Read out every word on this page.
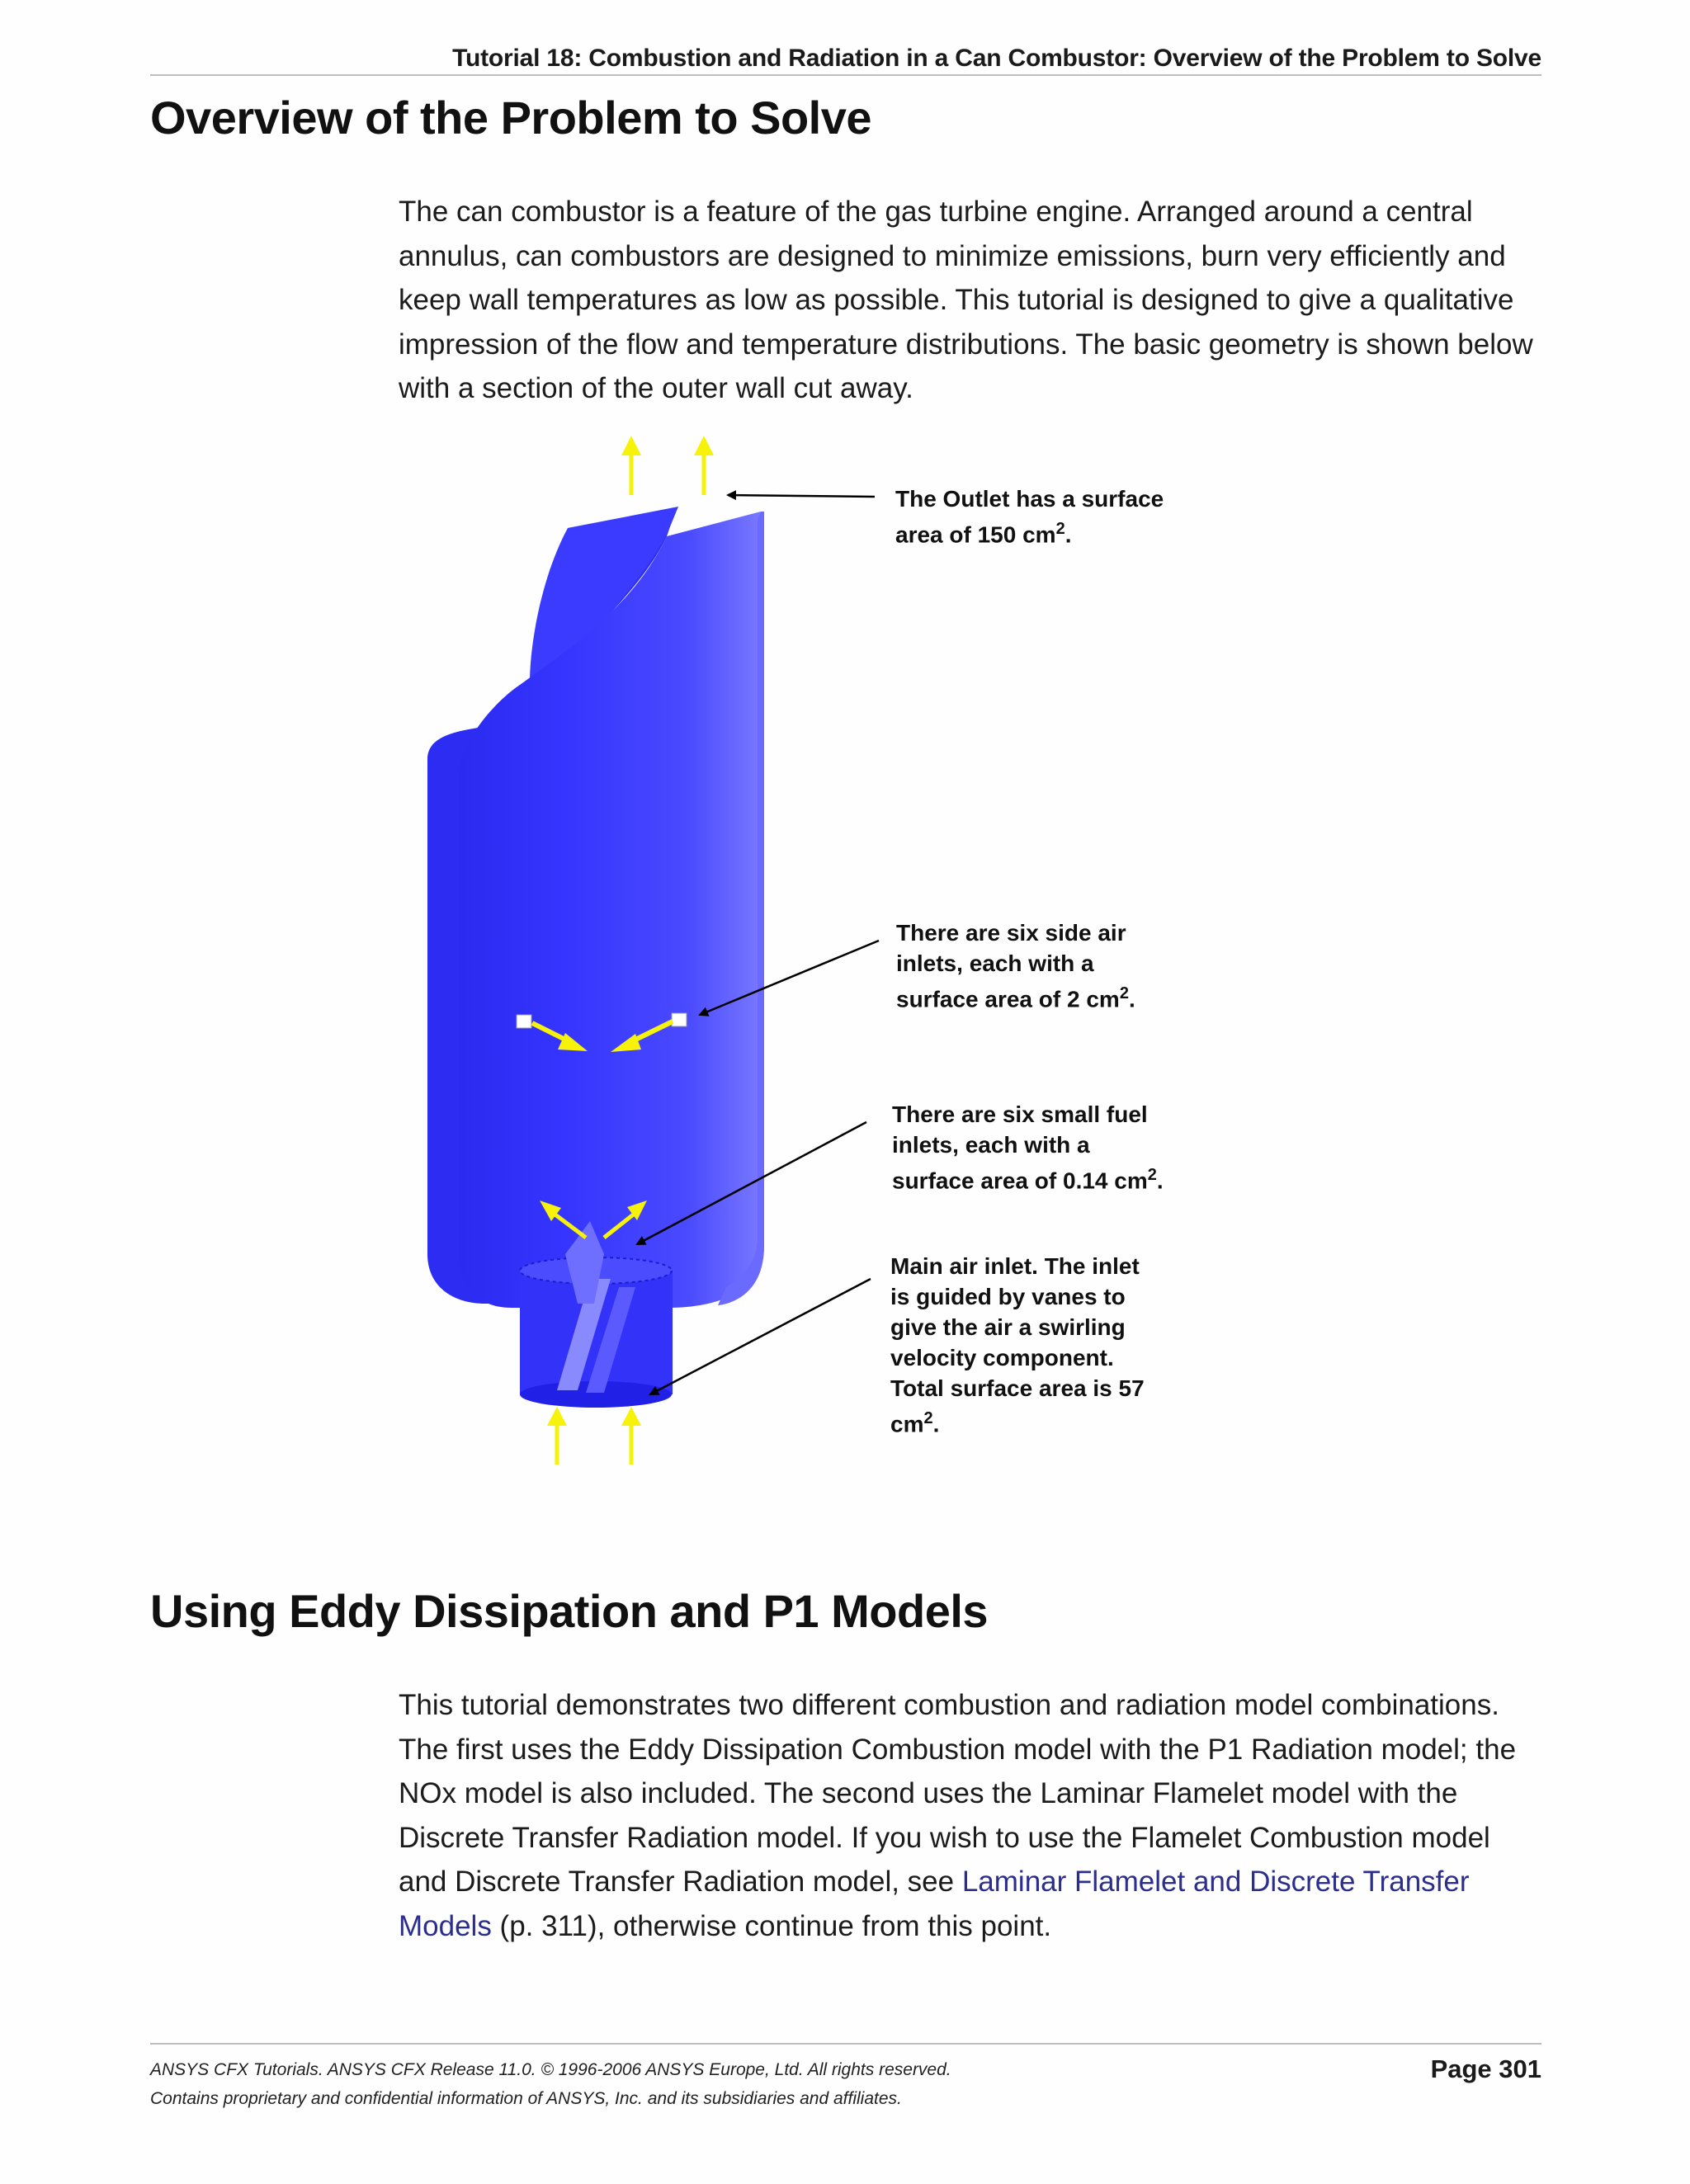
Tutorial 18: Combustion and Radiation in a Can Combustor: Overview of the Problem to Solve
Overview of the Problem to Solve

The can combustor is a feature of the gas turbine engine. Arranged around a central annulus, can combustors are designed to minimize emissions, burn very efficiently and keep wall temperatures as low as possible. This tutorial is designed to give a qualitative impression of the flow and temperature distributions. The basic geometry is shown below with a section of the outer wall cut away.

The Outlet has a surface area of 150 $cm^2$.
There are six side air inlets, each with a surface area of 2 $cm^2$.
There are six small fuel inlets, each with a surface area of 0.14 $cm^2$.
Main air inlet. The inlet is guided by vanes to give the air a swirling velocity component. Total surface area is 57 $cm^2$.
Using Eddy Dissipation and P1 Models

This tutorial demonstrates two different combustion and radiation model combinations. The first uses the Eddy Dissipation Combustion model with the P1 Radiation model; the NOx model is also included. The second uses the Laminar Flamelet model with the Discrete Transfer Radiation model. If you wish to use the Flamelet Combustion model and Discrete Transfer Radiation model, see Laminar Flamelet and Discrete Transfer Models (p. 311), otherwise continue from this point.

ANSYS CFX Tutorials. ANSYS CFX Release 11.0. © 1996-2006 ANSYS Europe, Ltd. All rights reserved.
Contains proprietary and confidential information of ANSYS, Inc. and its subsidiaries and affiliates.
Page 301
